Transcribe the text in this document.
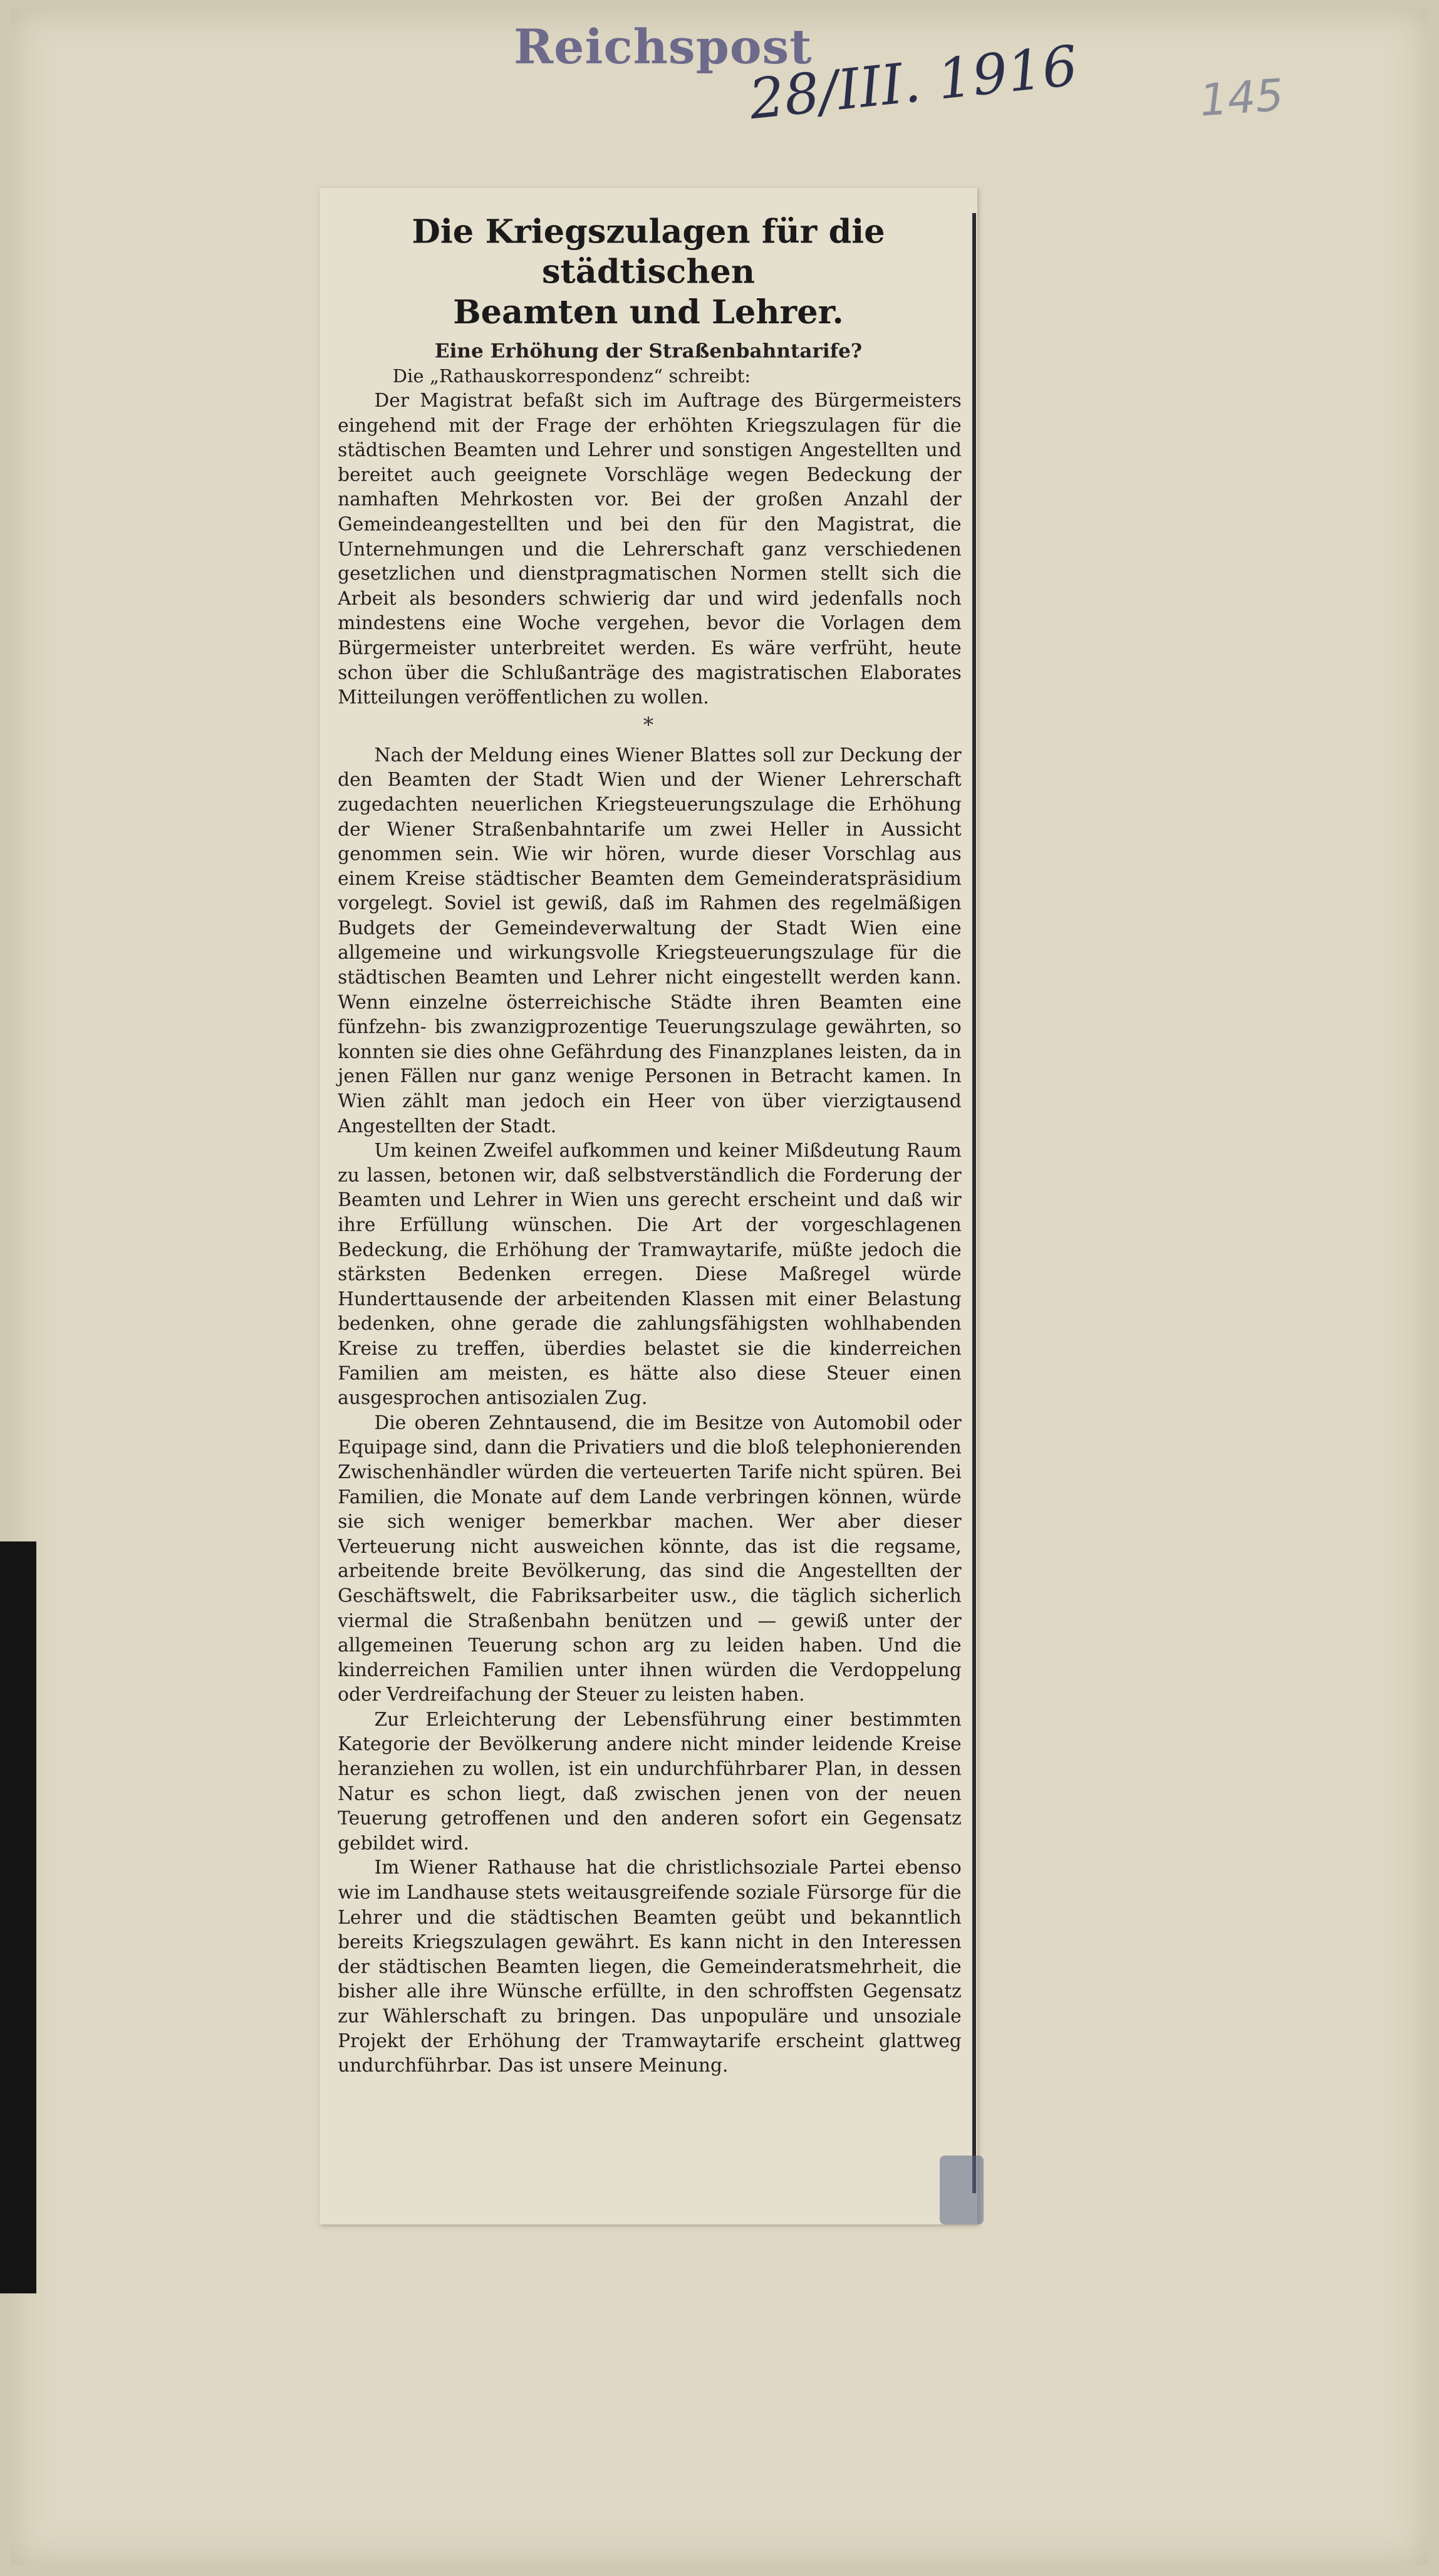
Reichspost
28/III. 1916	145
Die Kriegszulagen für die städtischen
Beamten und Lehrer.
Eine Erhöhung der Straßenbahntarife?
Die „Rathauskorrespondenz“ schreibt:

Der Magistrat befaßt sich im Auftrage des Bürgermeisters eingehend mit der Frage der erhöhten Kriegszulagen für die städtischen Beamten und Lehrer und sonstigen Angestellten und bereitet auch geeignete Vorschläge wegen Bedeckung der namhaften Mehrkosten vor. Bei der großen Anzahl der Gemeindeangestellten und bei den für den Magistrat, die Unternehmungen und die Lehrerschaft ganz verschiedenen gesetzlichen und dienstpragmatischen Normen stellt sich die Arbeit als besonders schwierig dar und wird jedenfalls noch mindestens eine Woche vergehen, bevor die Vorlagen dem Bürgermeister unterbreitet werden. Es wäre verfrüht, heute schon über die Schlußanträge des magistratischen Elaborates Mitteilungen veröffentlichen zu wollen.

*

Nach der Meldung eines Wiener Blattes soll zur Deckung der den Beamten der Stadt Wien und der Wiener Lehrerschaft zugedachten neuerlichen Kriegsteuerungszulage die Erhöhung der Wiener Straßenbahntarife um zwei Heller in Aussicht genommen sein. Wie wir hören, wurde dieser Vorschlag aus einem Kreise städtischer Beamten dem Gemeinderatspräsidium vorgelegt. Soviel ist gewiß, daß im Rahmen des regelmäßigen Budgets der Gemeindeverwaltung der Stadt Wien eine allgemeine und wirkungsvolle Kriegsteuerungszulage für die städtischen Beamten und Lehrer nicht eingestellt werden kann. Wenn einzelne österreichische Städte ihren Beamten eine fünfzehn- bis zwanzigprozentige Teuerungszulage gewährten, so konnten sie dies ohne Gefährdung des Finanzplanes leisten, da in jenen Fällen nur ganz wenige Personen in Betracht kamen. In Wien zählt man jedoch ein Heer von über vierzigtausend Angestellten der Stadt.

Um keinen Zweifel aufkommen und keiner Mißdeutung Raum zu lassen, betonen wir, daß selbstverständlich die Forderung der Beamten und Lehrer in Wien uns gerecht erscheint und daß wir ihre Erfüllung wünschen. Die Art der vorgeschlagenen Bedeckung, die Erhöhung der Tramwaytarife, müßte jedoch die stärksten Bedenken erregen. Diese Maßregel würde Hunderttausende der arbeitenden Klassen mit einer Belastung bedenken, ohne gerade die zahlungsfähigsten wohlhabenden Kreise zu treffen, überdies belastet sie die kinderreichen Familien am meisten, es hätte also diese Steuer einen ausgesprochen antisozialen Zug.

Die oberen Zehntausend, die im Besitze von Automobil oder Equipage sind, dann die Privatiers und die bloß telephonierenden Zwischenhändler würden die verteuerten Tarife nicht spüren. Bei Familien, die Monate auf dem Lande verbringen können, würde sie sich weniger bemerkbar machen. Wer aber dieser Verteuerung nicht ausweichen könnte, das ist die regsame, arbeitende breite Bevölkerung, das sind die Angestellten der Geschäftswelt, die Fabriksarbeiter usw., die täglich sicherlich viermal die Straßenbahn benützen und — gewiß unter der allgemeinen Teuerung schon arg zu leiden haben. Und die kinderreichen Familien unter ihnen würden die Verdoppelung oder Verdreifachung der Steuer zu leisten haben.

Zur Erleichterung der Lebensführung einer bestimmten Kategorie der Bevölkerung andere nicht minder leidende Kreise heranziehen zu wollen, ist ein undurchführbarer Plan, in dessen Natur es schon liegt, daß zwischen jenen von der neuen Teuerung getroffenen und den anderen sofort ein Gegensatz gebildet wird.

Im Wiener Rathause hat die christlichsoziale Partei ebenso wie im Landhause stets weitausgreifende soziale Fürsorge für die Lehrer und die städtischen Beamten geübt und bekanntlich bereits Kriegszulagen gewährt. Es kann nicht in den Interessen der städtischen Beamten liegen, die Gemeinderatsmehrheit, die bisher alle ihre Wünsche erfüllte, in den schroffsten Gegensatz zur Wählerschaft zu bringen. Das unpopuläre und unsoziale Projekt der Erhöhung der Tramwaytarife erscheint glattweg undurchführbar. Das ist unsere Meinung.
